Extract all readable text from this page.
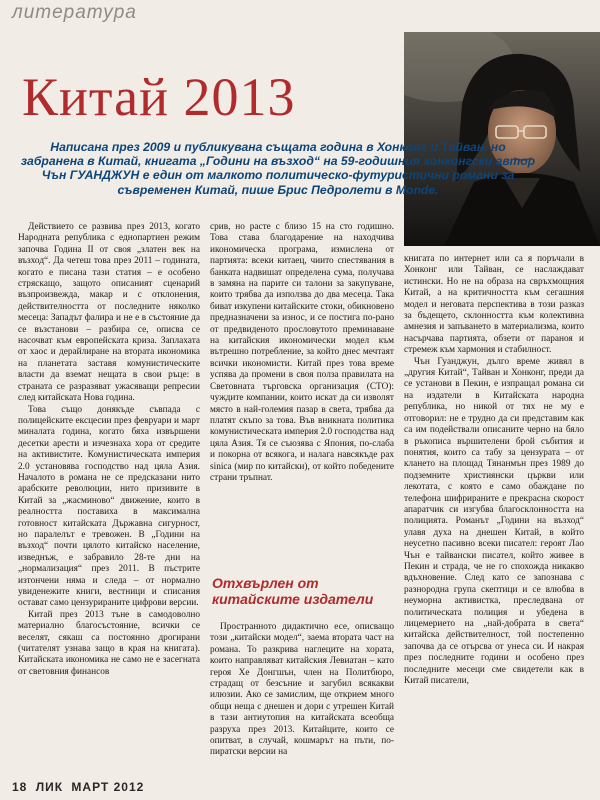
литература
Китай 2013
Написана през 2009 и публикувана същата година в Хонконг и Тайван, но забранена в Китай, книгата „Години на възход“ на 59-годишния хонконгски автор Чън ГУАНДЖУН е един от малкото политическо-футуристични романи за съвременен Китай, пише Брис Педролети в Monde.

Действието се развива през 2013, когато Народната република с еднопартиен режим започва Година II от своя „златен век на възход“. Да четеш това през 2011 – годината, когато е писана тази статия – е особено стряскащо, защото описаният сценарий възпроизвежда, макар и с отклонения, действителността от последните няколко месеца: Западът фалира и не е в състояние да се възстанови – разбира се, описва се насочват към европейската криза. Заплахата от хаос и дерайлиране на втората икономика на планетата заставя комунистическите власти да вземат нещата в свои ръце: в страната се разразяват ужасяващи репресии след китайската Нова година.

Това също донякъде съвпада с полицейските ексцесии през февруари и март миналата година, когато бяха извършени десетки арести и изчезнаха хора от средите на активистите. Комунистическата империя 2.0 установява господство над цяла Азия. Началото в романа не се предсказани нито арабските революции, нито призивите в Китай за „жасминово“ движение, които в реалността поставиха в максимална готовност китайската Държавна сигурност, но паралелът е тревожен. В „Години на възход“ почти цялото китайско население, изведнъж, е забравило 28-те дни на „нормализация“ през 2011. В пъстрите изтончени няма и следа – от нормално увиденежите книги, вестници и списания остават само цензурираните цифрови версии.

Китай през 2013 тъне в самодоволно материално благосъстояние, всички се веселят, сякаш са постоянно дрогирани (читателят узнава защо в края на книгата). Китайската икономика не само не е засегната от световния финансов

срив, но расте с близо 15 на сто годишно. Това става благодарение на находчива икономическа програма, измислена от партията: всеки китаец, чиито спестявания в банката надвишат определена сума, получава в замяна на парите си талони за закупуване, които трябва да използва до два месеца. Така биват изкупени китайските стоки, обикновено предназначени за износ, и се постига по-рано от предвиденото прословутото преминаване на китайския икономически модел към вътрешно потребление, за който днес мечтаят всички икономисти. Китай през това време успява да промени в своя полза правилата на Световната търговска организация (СТО): чуждите компании, които искат да си изволят място в най-големия пазар в света, трябва да платят скъпо за това. Във вникната политика комунистическата империя 2.0 господства над цяла Азия. Тя се съюзява с Япония, по-слаба и покорна от всякога, и налага навсякъде pax sinica (мир по китайски), от който победените страни тръпнат.

Отхвърлен от китайските издатели

Пространното дидактично есе, описващо този „китайски модел“, заема втората част на романа. То разкрива наглеците на хората, които направляват китайския Левиатан – като героя Хе Донгшън, член на Политбюро, страдащ от безсъние и загубил всякакви илюзии. Ако се замислим, ще открием много общи неща с днешен и дори с утрешен Китай в тази антиутопия на китайската всеобща разруха през 2013. Китайците, които се опитват, в случай, кошмарът на пъти, по-пиратски версии на

книгата по интернет или са я поръчали в Хонконг или Тайван, се наслаждават истински. Но не на образа на свръхмощния Китай, а на критичността към сегашния модел и неговата перспектива в този разказ за бъдещето, склонността към колективна амнезия и запъването в материализма, които насърчава партията, обзети от параноя и стремеж към хармония и стабилност.

Чън Гуанджун, дълго време живял в „другия Китай“, Тайван и Хонконг, преди да се установи в Пекин, е изпращал романа си на издатели в Китайската народна република, но никой от тях не му е отговорил: не е трудно да си представим как са им подействали описаните черно на бяло в ръкописа вършителени брой събития и понятия, които са табу за цензурата – от клането на площад Тянанмън през 1989 до подземните християнски църкви или лекотата, с която е само обаждане по телефона шифрираните е прекрасна скорост апаратчик си изгубва благосклонността на полицията. Романът „Години на възход“ улавя духа на днешен Китай, в който неусетно пасивно всеки писател: героят Лао Чън е тайвански писател, който живее в Пекин и страда, че не го спохожда никакво вдъхновение. След като се запознава с разнородна група скептици и се влюбва в неуморна активистка, преследвана от политическата полиция и убедена в лицемерието на „най-добрата в света“ китайска действителност, той постепенно започва да се отърсва от унеса си. И накрая през последните години и особено през последните месеци сме свидетели как в Китай писатели,

18 ЛИК МАРТ 2012
